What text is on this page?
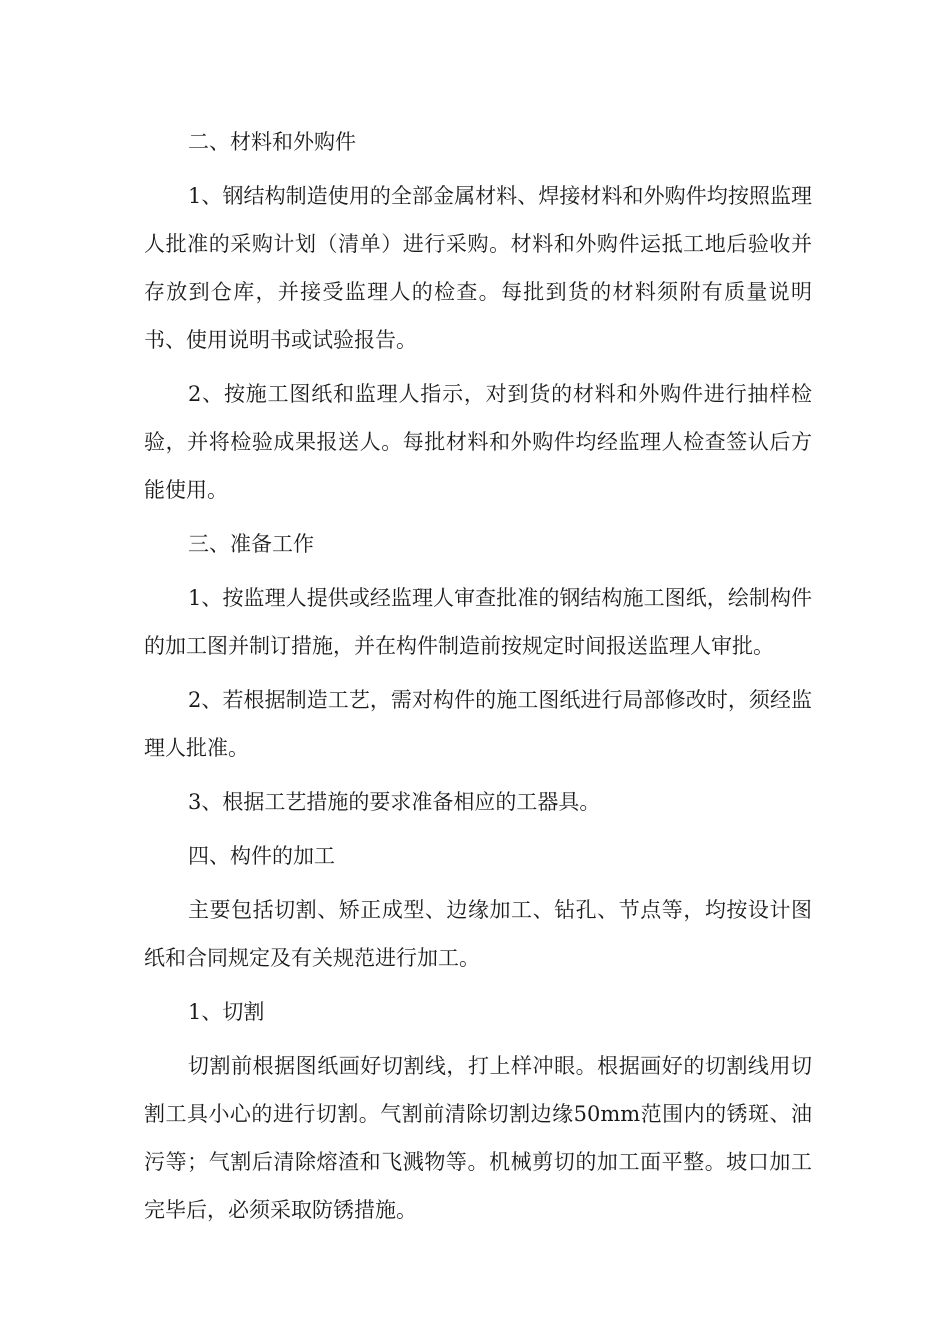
二、材料和外购件

1、钢结构制造使用的全部金属材料、焊接材料和外购件均按照监理人批准的采购计划（清单）进行采购。材料和外购件运抵工地后验收并存放到仓库，并接受监理人的检查。每批到货的材料须附有质量说明书、使用说明书或试验报告。

2、按施工图纸和监理人指示，对到货的材料和外购件进行抽样检验，并将检验成果报送人。每批材料和外购件均经监理人检查签认后方能使用。

三、准备工作

1、按监理人提供或经监理人审查批准的钢结构施工图纸，绘制构件的加工图并制订措施，并在构件制造前按规定时间报送监理人审批。

2、若根据制造工艺，需对构件的施工图纸进行局部修改时，须经监理人批准。

3、根据工艺措施的要求准备相应的工器具。

四、构件的加工

主要包括切割、矫正成型、边缘加工、钻孔、节点等，均按设计图纸和合同规定及有关规范进行加工。

1、切割

切割前根据图纸画好切割线，打上样冲眼。根据画好的切割线用切割工具小心的进行切割。气割前清除切割边缘50mm范围内的锈斑、油污等；气割后清除熔渣和飞溅物等。机械剪切的加工面平整。坡口加工完毕后，必须采取防锈措施。
